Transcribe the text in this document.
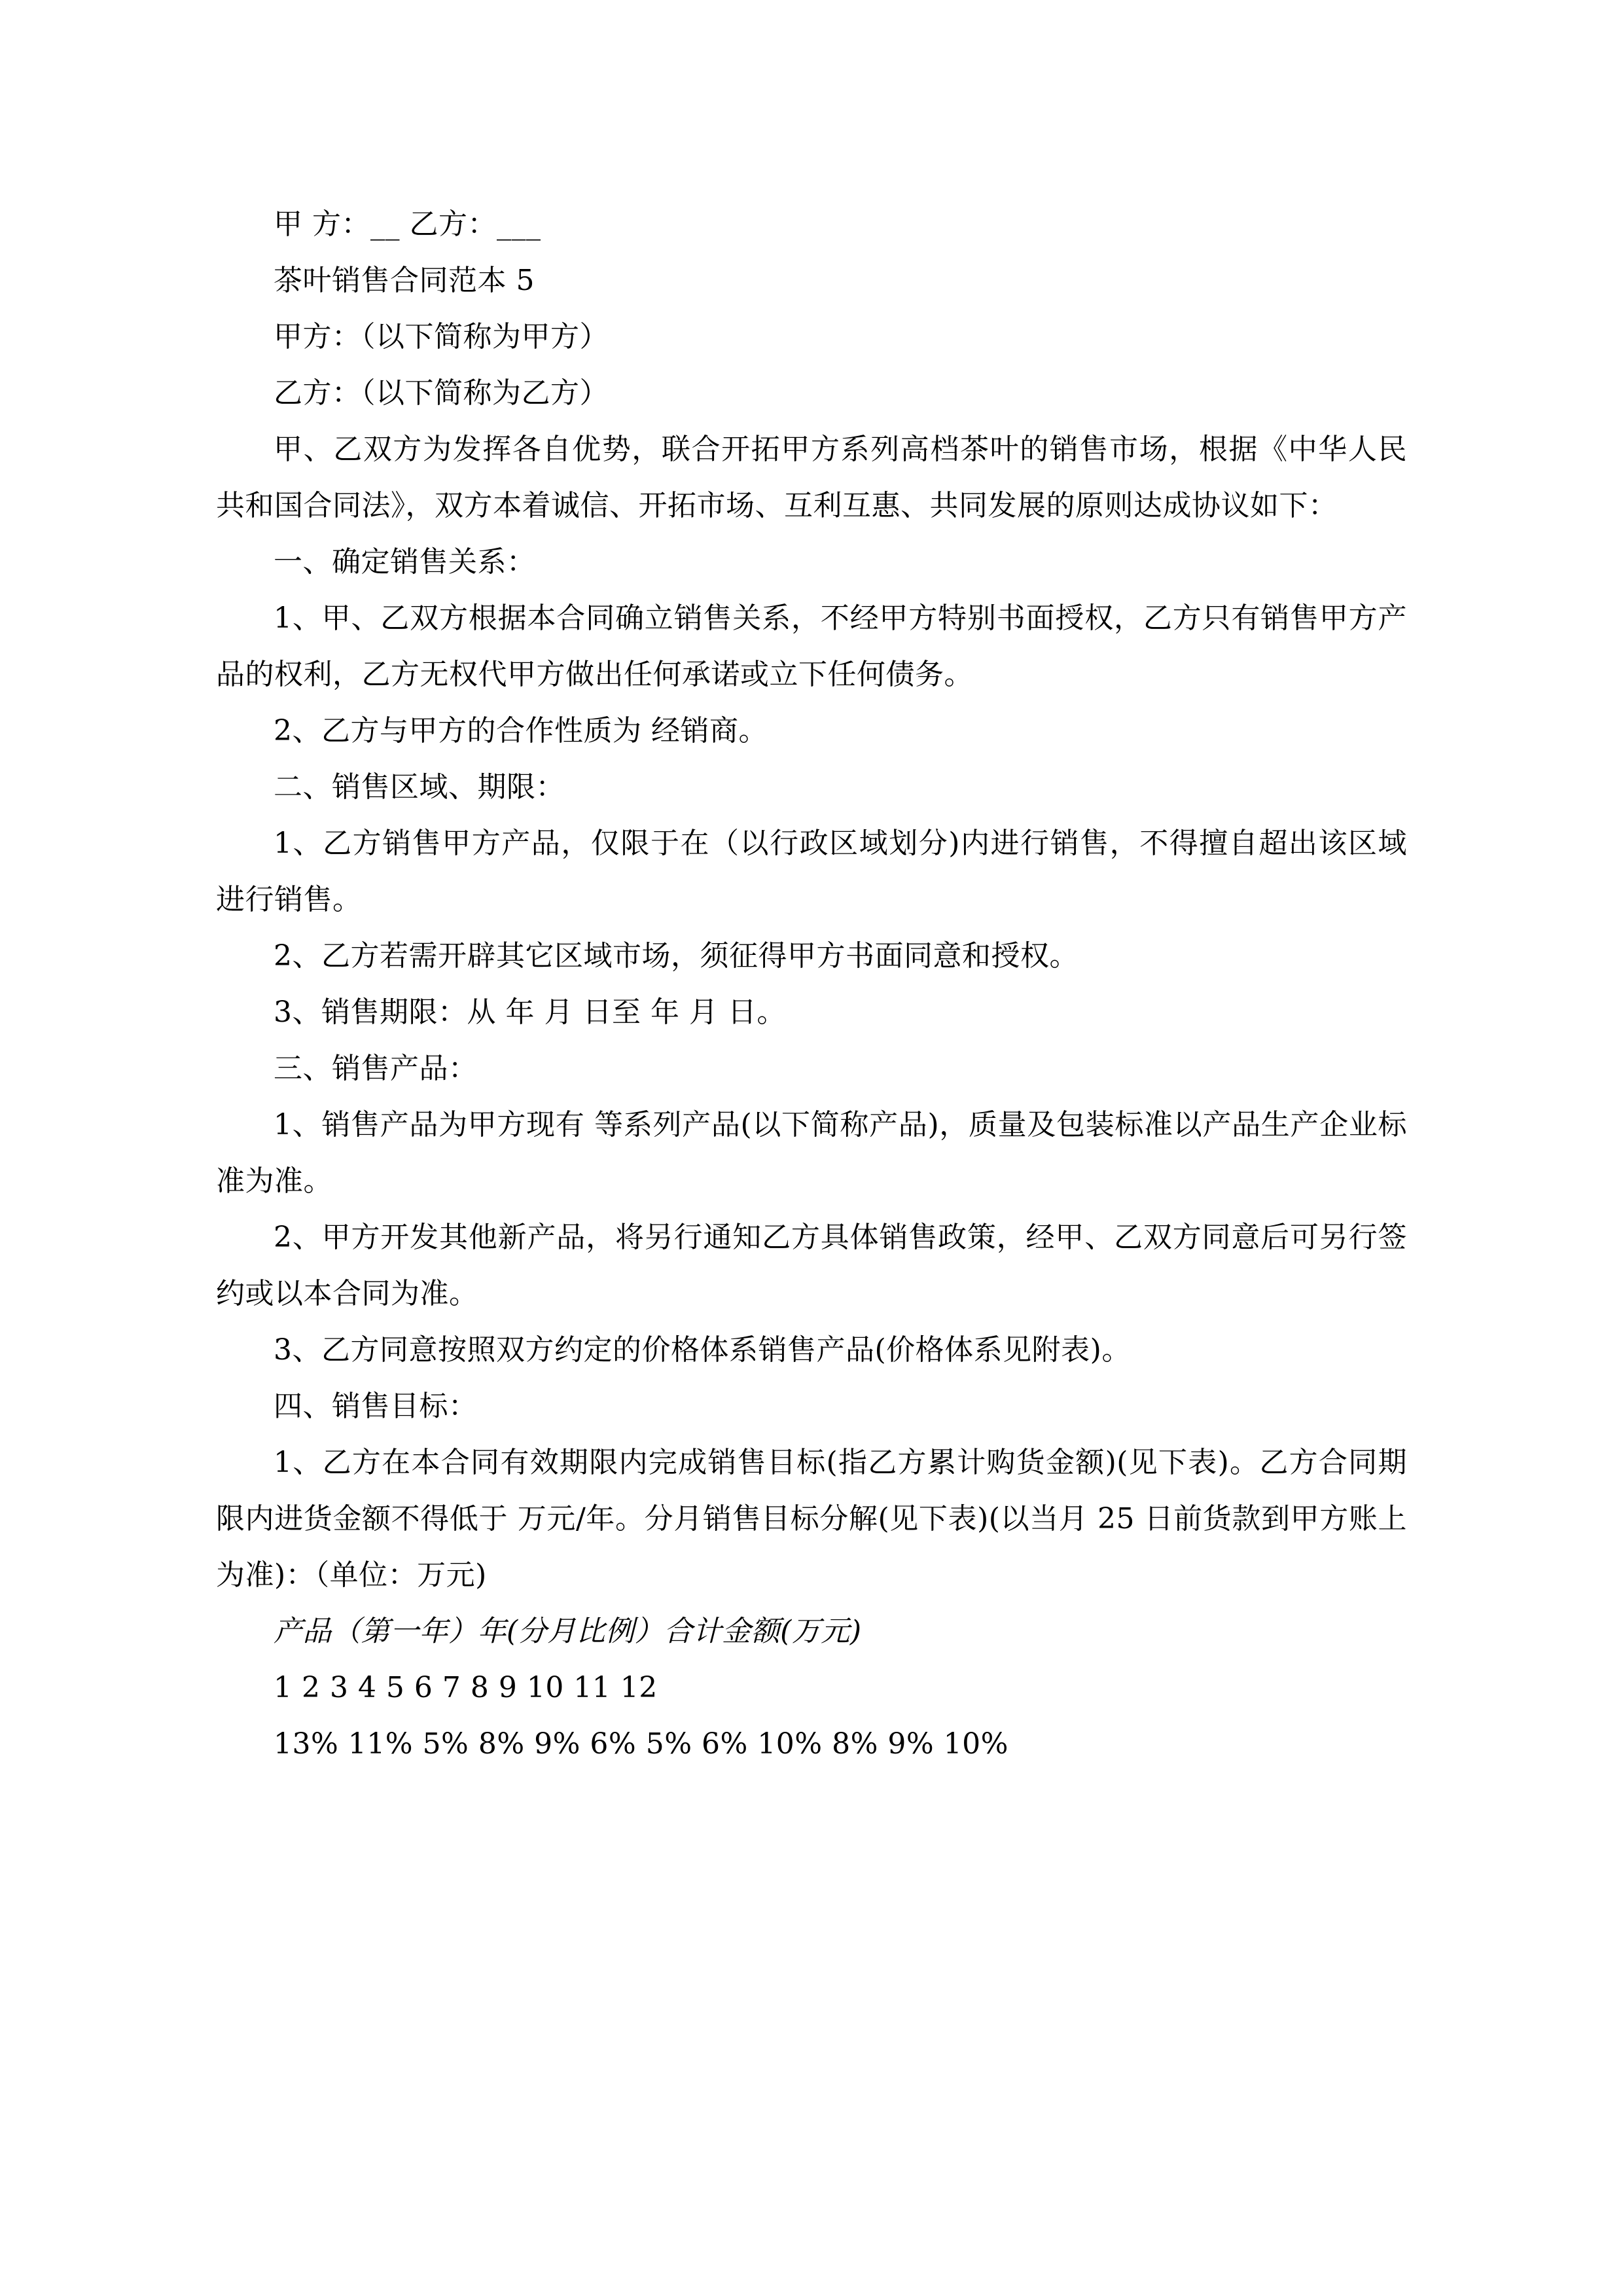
甲 方：__ 乙方：___

茶叶销售合同范本 5

甲方：（以下简称为甲方）

乙方：（以下简称为乙方）

甲、乙双方为发挥各自优势，联合开拓甲方系列高档茶叶的销售市场，根据《中华人民共和国合同法》，双方本着诚信、开拓市场、互利互惠、共同发展的原则达成协议如下：

一、确定销售关系：

1、甲、乙双方根据本合同确立销售关系，不经甲方特别书面授权，乙方只有销售甲方产品的权利，乙方无权代甲方做出任何承诺或立下任何债务。

2、乙方与甲方的合作性质为 经销商。

二、销售区域、期限：

1、乙方销售甲方产品，仅限于在（以行政区域划分)内进行销售，不得擅自超出该区域进行销售。

2、乙方若需开辟其它区域市场，须征得甲方书面同意和授权。

3、销售期限：从 年 月 日至 年 月 日。

三、销售产品：

1、销售产品为甲方现有 等系列产品(以下简称产品)，质量及包装标准以产品生产企业标准为准。

2、甲方开发其他新产品，将另行通知乙方具体销售政策，经甲、乙双方同意后可另行签约或以本合同为准。

3、乙方同意按照双方约定的价格体系销售产品(价格体系见附表)。

四、销售目标：

1、乙方在本合同有效期限内完成销售目标(指乙方累计购货金额)(见下表)。乙方合同期限内进货金额不得低于 万元/年。分月销售目标分解(见下表)(以当月 25 日前货款到甲方账上为准)：（单位：万元)

产品（第一年）年(分月比例）合计金额(万元)

1 2 3 4 5 6 7 8 9 10 11 12

13% 11% 5% 8% 9% 6% 5% 6% 10% 8% 9% 10%
